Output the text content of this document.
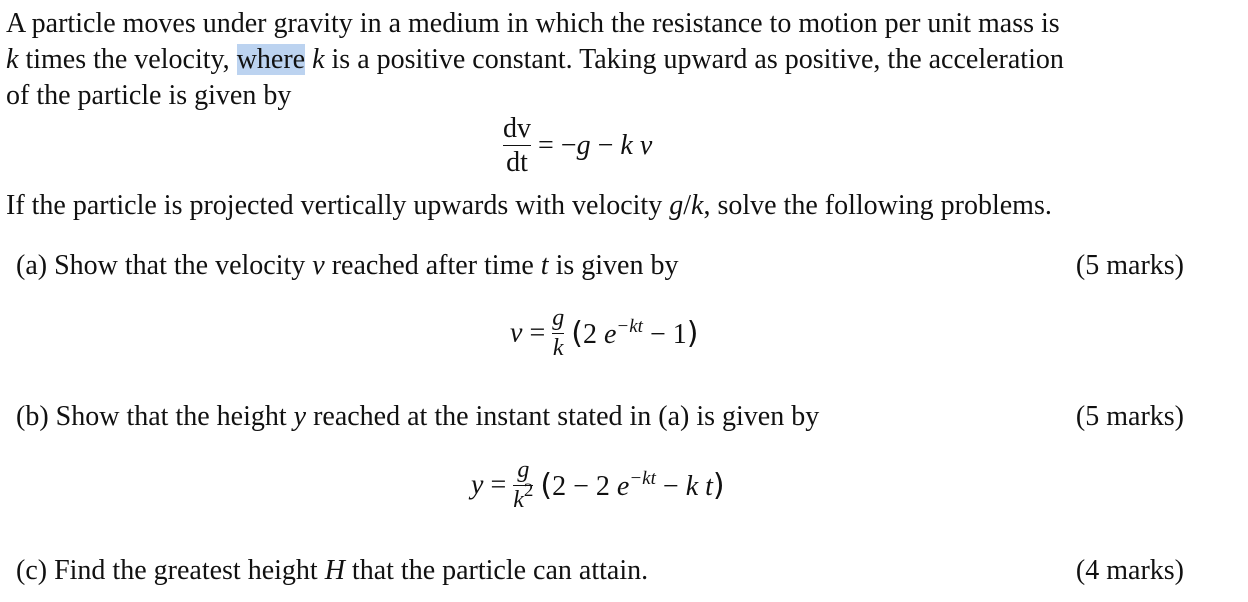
A particle moves under gravity in a medium in which the resistance to motion per unit mass is
k times the velocity, where k is a positive constant. Taking upward as positive, the acceleration
of the particle is given by
$\frac{dv}{dt} = -g - k$ v
If the particle is projected vertically upwards with velocity g/k, solve the following problems.
(a) Show that the velocity v reached after time t is given by	(5 marks)
$v = \frac{g}{k} (2$ $e^{-kt} - 1$)
(b) Show that the height y reached at the instant stated in (a) is given by	(5 marks)
$y = \frac{g}{k^2} (2 - 2$ $e^{-kt} - k$ t)
(c) Find the greatest height H that the particle can attain.	(4 marks)
